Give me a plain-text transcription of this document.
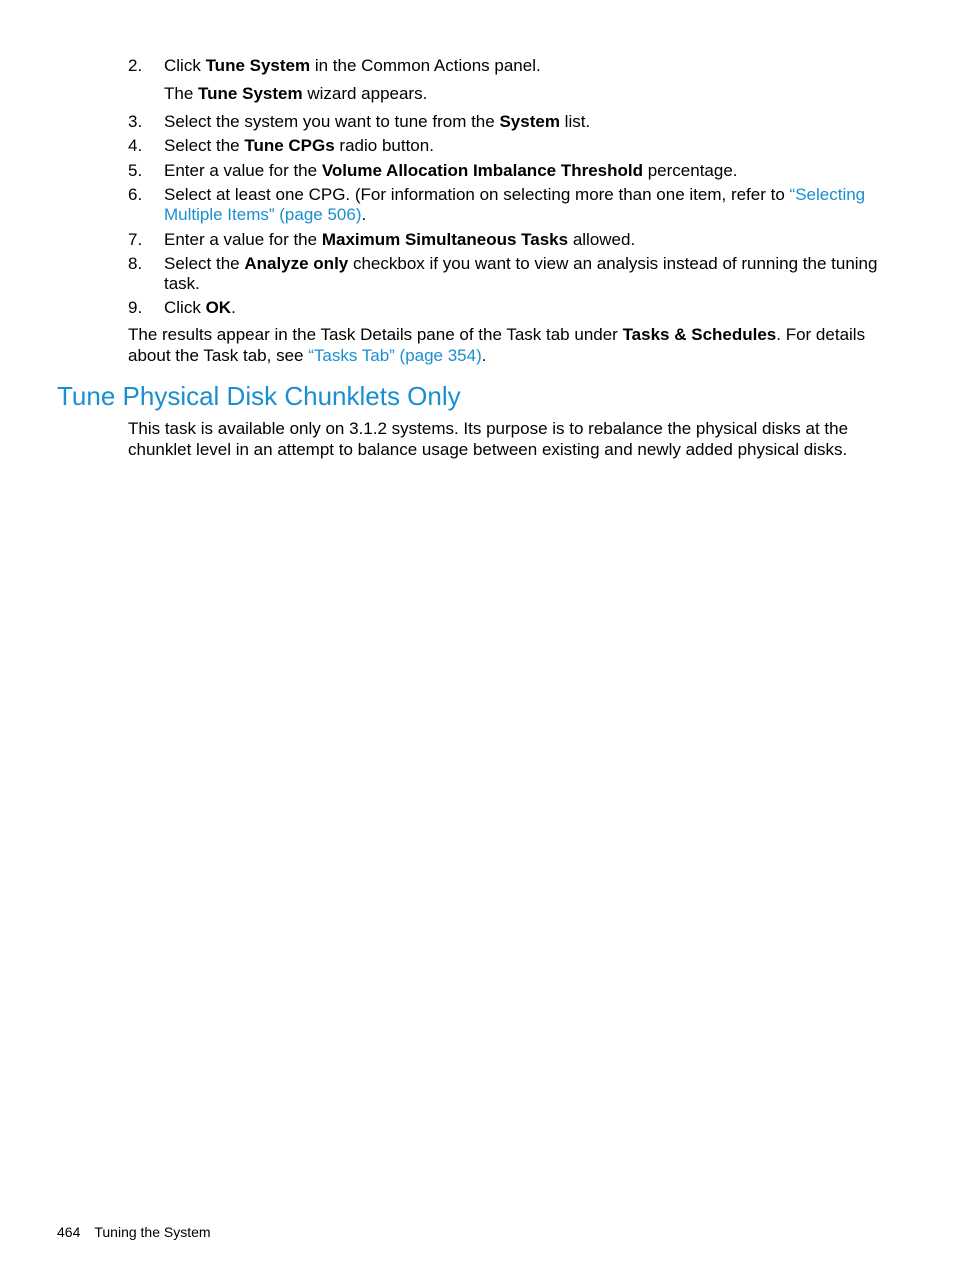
2.	Click Tune System in the Common Actions panel.
The Tune System wizard appears.
3.	Select the system you want to tune from the System list.
4.	Select the Tune CPGs radio button.
5.	Enter a value for the Volume Allocation Imbalance Threshold percentage.
6.	Select at least one CPG. (For information on selecting more than one item, refer to “Selecting Multiple Items” (page 506).
7.	Enter a value for the Maximum Simultaneous Tasks allowed.
8.	Select the Analyze only checkbox if you want to view an analysis instead of running the tuning task.
9.	Click OK.
The results appear in the Task Details pane of the Task tab under Tasks & Schedules. For details about the Task tab, see “Tasks Tab” (page 354).
Tune Physical Disk Chunklets Only
This task is available only on 3.1.2 systems. Its purpose is to rebalance the physical disks at the chunklet level in an attempt to balance usage between existing and newly added physical disks.
464 Tuning the System
